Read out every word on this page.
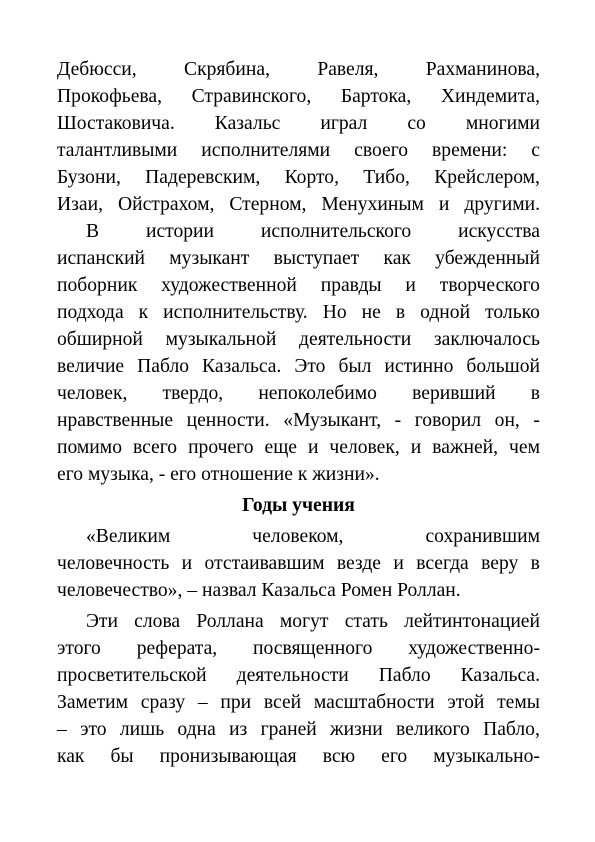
Дебюсси, Скрябина, Равеля, Рахманинова,
Прокофьева, Стравинского, Бартока, Хиндемита,
Шостаковича. Казальс играл со многими
талантливыми исполнителями своего времени: с
Бузони, Падеревским, Корто, Тибо, Крейслером,
Изаи, Ойстрахом, Стерном, Менухиным и другими.
В истории исполнительского искусства
испанский музыкант выступает как убежденный
поборник художественной правды и творческого
подхода к исполнительству. Но не в одной только
обширной музыкальной деятельности заключалось
величие Пабло Казальса. Это был истинно большой
человек, твердо, непоколебимо веривший в
нравственные ценности. «Музыкант, - говорил он, -
помимо всего прочего еще и человек, и важней, чем
его музыка, - его отношение к жизни».
Годы учения
«Великим	человеком,	сохранившим
человечность и отстаивавшим везде и всегда веру в
человечество», – назвал Казальса Ромен Роллан.
Эти слова Роллана могут стать лейтинтонацией
этого реферата, посвященного художественно-
просветительской деятельности Пабло Казальса.
Заметим сразу – при всей масштабности этой темы
– это лишь одна из граней жизни великого Пабло,
как бы пронизывающая всю его музыкально-
